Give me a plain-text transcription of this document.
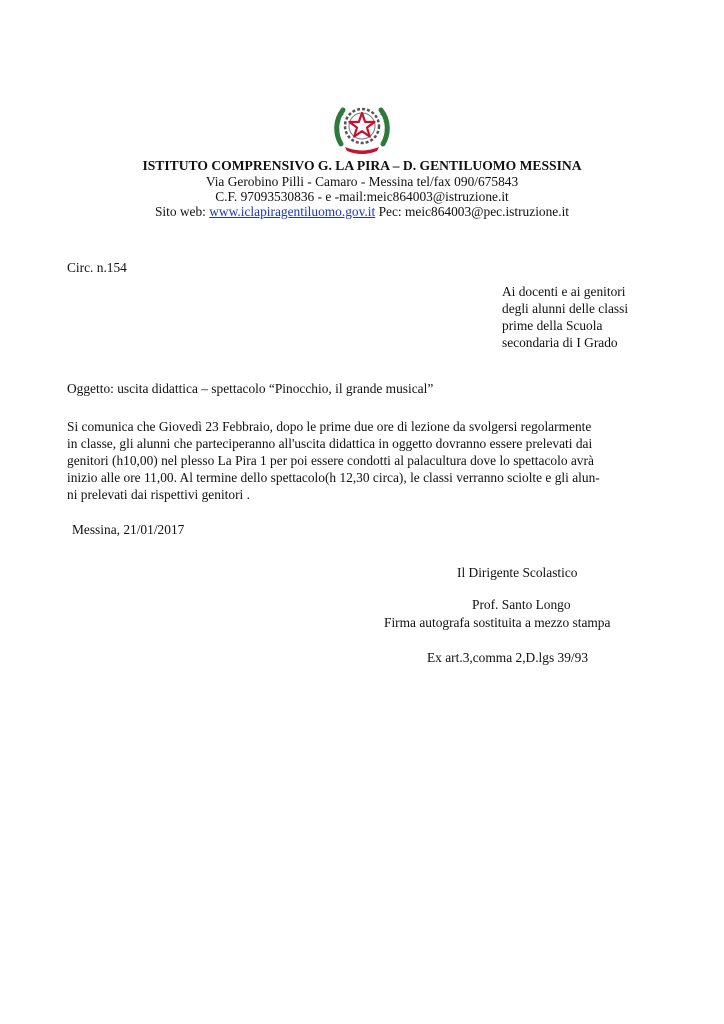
ISTITUTO COMPRENSIVO G. LA PIRA – D. GENTILUOMO MESSINA
Via Gerobino Pilli - Camaro - Messina tel/fax 090/675843
C.F. 97093530836 - e -mail:meic864003@istruzione.it
Sito web: www.iclapiragentiluomo.gov.it Pec: meic864003@pec.istruzione.it
Circ. n.154
Ai docenti e ai genitori
degli alunni delle classi
prime della Scuola
secondaria di I Grado
Oggetto: uscita didattica – spettacolo “Pinocchio, il grande musical”
Si comunica che Giovedì 23 Febbraio, dopo le prime due ore di lezione da svolgersi regolarmente
in classe, gli alunni che parteciperanno all'uscita didattica in oggetto dovranno essere prelevati dai
genitori (h10,00) nel plesso La Pira 1 per poi essere condotti al palacultura dove lo spettacolo avrà
inizio alle ore 11,00. Al termine dello spettacolo(h 12,30 circa), le classi verranno sciolte e gli alun-
ni prelevati dai rispettivi genitori .
Messina, 21/01/2017
Il Dirigente Scolastico
Prof. Santo Longo
Firma autografa sostituita a mezzo stampa
Ex art.3,comma 2,D.lgs 39/93
